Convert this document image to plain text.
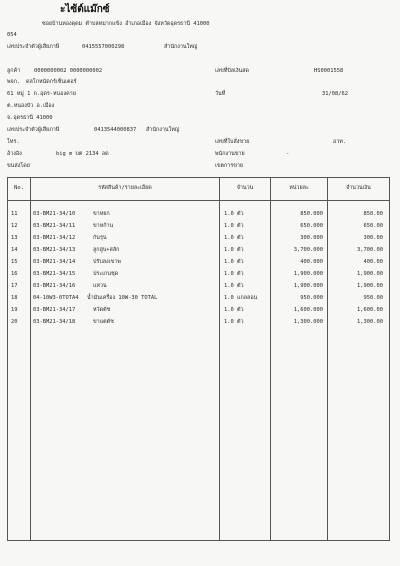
ะไซ้ต์แม๊กซ์
ซอยบ้านหองดุดม ตำบลหมากแข้ง อำเภอเมือง จังหวัดอุดรธานี 41000
054
เลขประจำตัวผู้เสียภาษี	0415557000298	สำนักงานใหญ่
ลูกค้า	0000000002 0000000002
พจก. ดลโกหนัดกร์เซ็นเตอร์
61 หมู่ 1 ถ.อุดร-หนองคาย
ต.หนองบัว อ.เมือง
จ.อุดรธานี 41000
เลขประจำตัวผู้เสียภาษี	0413544000837 สำนักงานใหญ่
โทร.
อ้างอิง	big m บต 2134 อด
ขนส่งโดย
เลขที่บิลเงินสด	HS0001558
วันที่	31/08/62
เลขที่ใบสั่งขาย	อวท.
พนักงานขาย	-
เขตการขาย
No.	รหัสสินค้า/รายละเอียด	จำนวน	หน่วยละ	จำนวนเงิน
11	03-BM21-34/10	ขาหยก	1.0 ตัว	850.000	850.00
12	03-BM21-34/11	ขาหก้าน	1.0 ตัว	650.000	650.00
13	03-BM21-34/12	กันรุน	1.0 ตัว	300.000	300.00
14	03-BM21-34/13	ลูกสูบ+สลัก	1.0 ตัว	3,700.000	3,700.00
15	03-BM21-34/14	ปรับลงเขาพ	1.0 ตัว	400.000	400.00
16	03-BM21-34/15	ประเกนชุด	1.0 ตัว	1,900.000	1,900.00
17	03-BM21-34/16	แหวน	1.0 ตัว	1,900.000	1,900.00
18	04-10W3-0TOTA4 น้ำมันเครื่อง 10W-30 TOTAL	1.0 แกลลอน	950.000	950.00
19	03-BM21-34/17	หวัดตัช	1.0 ตัว	1,600.000	1,600.00
20	03-BM21-34/18	ขาแตตัช	1.0 ตัว	1,300.000	1,300.00
